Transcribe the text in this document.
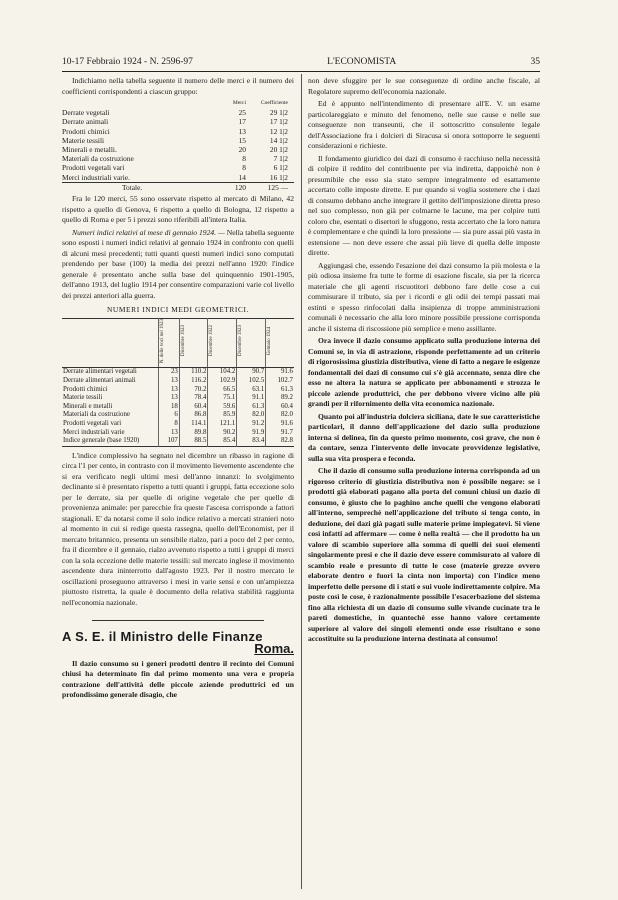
10-17 Febbraio 1924 - N. 2596-97	L'ECONOMISTA	35

Indichiamo nella tabella seguente il numero delle merci e il numero dei coefficienti corrispondenti a ciascun gruppo:

	Merci	Coefficiente
Derrate vegetali	25	29 1|2
Derrate animali	17	17 1|2
Prodotti chimici	13	12 1|2
Materie tessili	15	14 1|2
Minerali e metalli.	20	20 1|2
Materiali da costruzione	8	7 1|2
Prodotti vegetali vari	8	6 1|2
Merci industriali varie.	14	16 1|2
Totale.	120	125 —

Fra le 120 merci, 55 sono osservate rispetto al mercato di Milano, 42 rispetto a quello di Genova, 6 rispetto a quello di Bologna, 12 rispetto a quello di Roma e per 5 i prezzi sono riferibili all'intera Italia.

Numeri indici relativi al mese di gennaio 1924. — Nella tabella seguente sono esposti i numeri indici relativi al gennaio 1924 in confronto con quelli di alcuni mesi precedenti; tutti quanti questi numeri indici sono computati prendendo per base (100) la media dei prezzi nell'anno 1920: l'indice generale è presentato anche sulla base del quinquennio 1901-1905, dell'anno 1913, del luglio 1914 per consentire comparazioni varie col livello dei prezzi anteriori alla guerra.

NUMERI INDICI MEDI GEOMETRICI.
	N. delle voci nel 1923	Dicembre 1923	Dicembre 1922	Dicembre 1923	Gennaio 1924
Derrate alimentari vegetali	23	110.2	104.2	90.7	91.6
Derrate alimentari animali	13	116.2	102.9	102.5	102.7
Prodotti chimici	13	70.2	66.5	63.1	61.3
Materie tessili	13	78.4	75.1	91.1	89.2
Minerali e metalli	18	60.4	59.6	61.3	60.4
Materiali da costruzione	6	86.8	85.9	82.0	82.0
Prodotti vegetali vari	8	114.1	121.1	91.2	91.6
Merci industriali varie	13	89.8	90.2	91.9	91.7
Indice generale (base 1920)	107	88.5	85.4	83.4	82.8

L'indice complessivo ha segnato nel dicembre un ribasso in ragione di circa l'1 per cento, in contrasto con il movimento lievemente ascendente che si era verificato negli ultimi mesi dell'anno innanzi: lo svolgimento declinante si è presentato rispetto a tutti quanti i gruppi, fatta eccezione solo per le derrate, sia per quelle di origine vegetale che per quelle di provenienza animale: per parecchie fra queste l'ascesa corrisponde a fattori stagionali. E' da notarsi come il solo indice relativo a mercati stranieri noto al momento in cui si redige questa rassegna, quello dell'Economist, per il mercato britannico, presenta un sensibile rialzo, pari a poco del 2 per cento, fra il dicembre e il gennaio, rialzo avvenuto rispetto a tutti i gruppi di merci con la sola eccezione delle materie tessili: sul mercato inglese il movimento ascendente dura ininterrotto dall'agosto 1923. Per il nostro mercato le oscillazioni proseguono attraverso i mesi in varie sensi e con un'ampiezza piuttosto ristretta, la quale è documento della relativa stabilità raggiunta nell'economia nazionale.

A S. E. il Ministro delle Finanze
Roma.

Il dazio consumo su i generi prodotti dentro il recinto dei Comuni chiusi ha determinato fin dal primo momento una vera e propria contrazione dell'attività delle piccole aziende produttrici ed un profondissimo generale disagio, che

non deve sfuggire per le sue conseguenze di ordine anche fiscale, al Regolatore supremo dell'economia nazionale.

Ed è appunto nell'intendimento di presentare all'E. V. un esame particolareggiato e minuto del fenomeno, nelle sue cause e nelle sue conseguenze non transeunti, che il sottoscritto consulente legale dell'Associazione fra i dolcieri di Siracusa si onora sottoporre le seguenti considerazioni e richieste.

Il fondamento giuridico dei dazi di consumo è racchiuso nella necessità di colpire il reddito del contribuente per via indiretta, dappoichè non è presumibile che esso sia stato sempre integralmente ed esattamente accertato colle imposte dirette. E pur quando si voglia sostenere che i dazi di consumo debbano anche integrare il gettito dell'imposizione diretta preso nel suo complesso, non già per colmarne le lacune, ma per colpire tutti coloro che, esentati o disertori le sfuggono, resta accertato che la loro natura è complementare e che quindi la loro pressione — sia pure assai più vasta in estensione — non deve essere che assai più lieve di quella delle imposte dirette.

Aggiungasi che, essendo l'esazione dei dazi consumo la più molesta e la più odiosa insieme fra tutte le forme di esazione fiscale, sia per la ricerca materiale che gli agenti riscuotitori debbono fare delle cose a cui commisurare il tributo, sia per i ricordi e gli odii dei tempi passati mai estinti e spesso rinfocolati dalla insipienza di troppe amministrazioni comunali è necessario che alla loro minore possibile pressione corrisponda anche il sistema di riscossione più semplice e meno assillante.

Ora invece il dazio consumo applicato sulla produzione interna dei Comuni se, in via di astrazione, risponde perfettamente ad un criterio di rigorosissima giustizia distributiva, viene di fatto a negare le esigenze fondamentali dei dazi di consumo cui s'è già accennato, senza dire che esso ne altera la natura se applicato per abbonamenti e strozza le piccole aziende produttrici, che per debbono vivere vicino alle più grandi per il rifornimento della vita economica nazionale.

Quanto poi all'industria dolciera siciliana, date le sue caratteristiche particolari, il danno dell'applicazione del dazio sulla produzione interna si delinea, fin da questo primo momento, così grave, che non è da contare, senza l'intervento delle invocate provvidenze legislative, sulla sua vita prospera e feconda.

Che il dazio di consumo sulla produzione interna corrisponda ad un rigoroso criterio di giustizia distributiva non è possibile negare: se i prodotti già elaborati pagano alla porta del comuni chiusi un dazio di consumo, è giusto che lo paghino anche quelli che vengono elaborati all'interno, semprechè nell'applicazione del tributo si tenga conto, in deduzione, dei dazi già pagati sulle materie prime impiegatevi. Si viene così infatti ad affermare — come è nella realtà — che il prodotto ha un valore di scambio superiore alla somma di quelli dei suoi elementi singolarmente presi e che il dazio deve essere commisurato al valore di scambio reale e presunto di tutte le cose (materie grezze ovvero elaborate dentro e fuori la cinta non importa) con l'indice meno imperfetto delle persone di i stati e sui vuole indirettamente colpire. Ma poste così le cose, è razionalmente possibile l'esacerbazione del sistema fino alla richiesta di un dazio di consumo sulle vivande cucinate tra le pareti domestiche, in quantochè esse hanno valore certamente superiore al valore dei singoli elementi onde esse risultano e sono accostituite su la produzione interna destinata al consumo!
